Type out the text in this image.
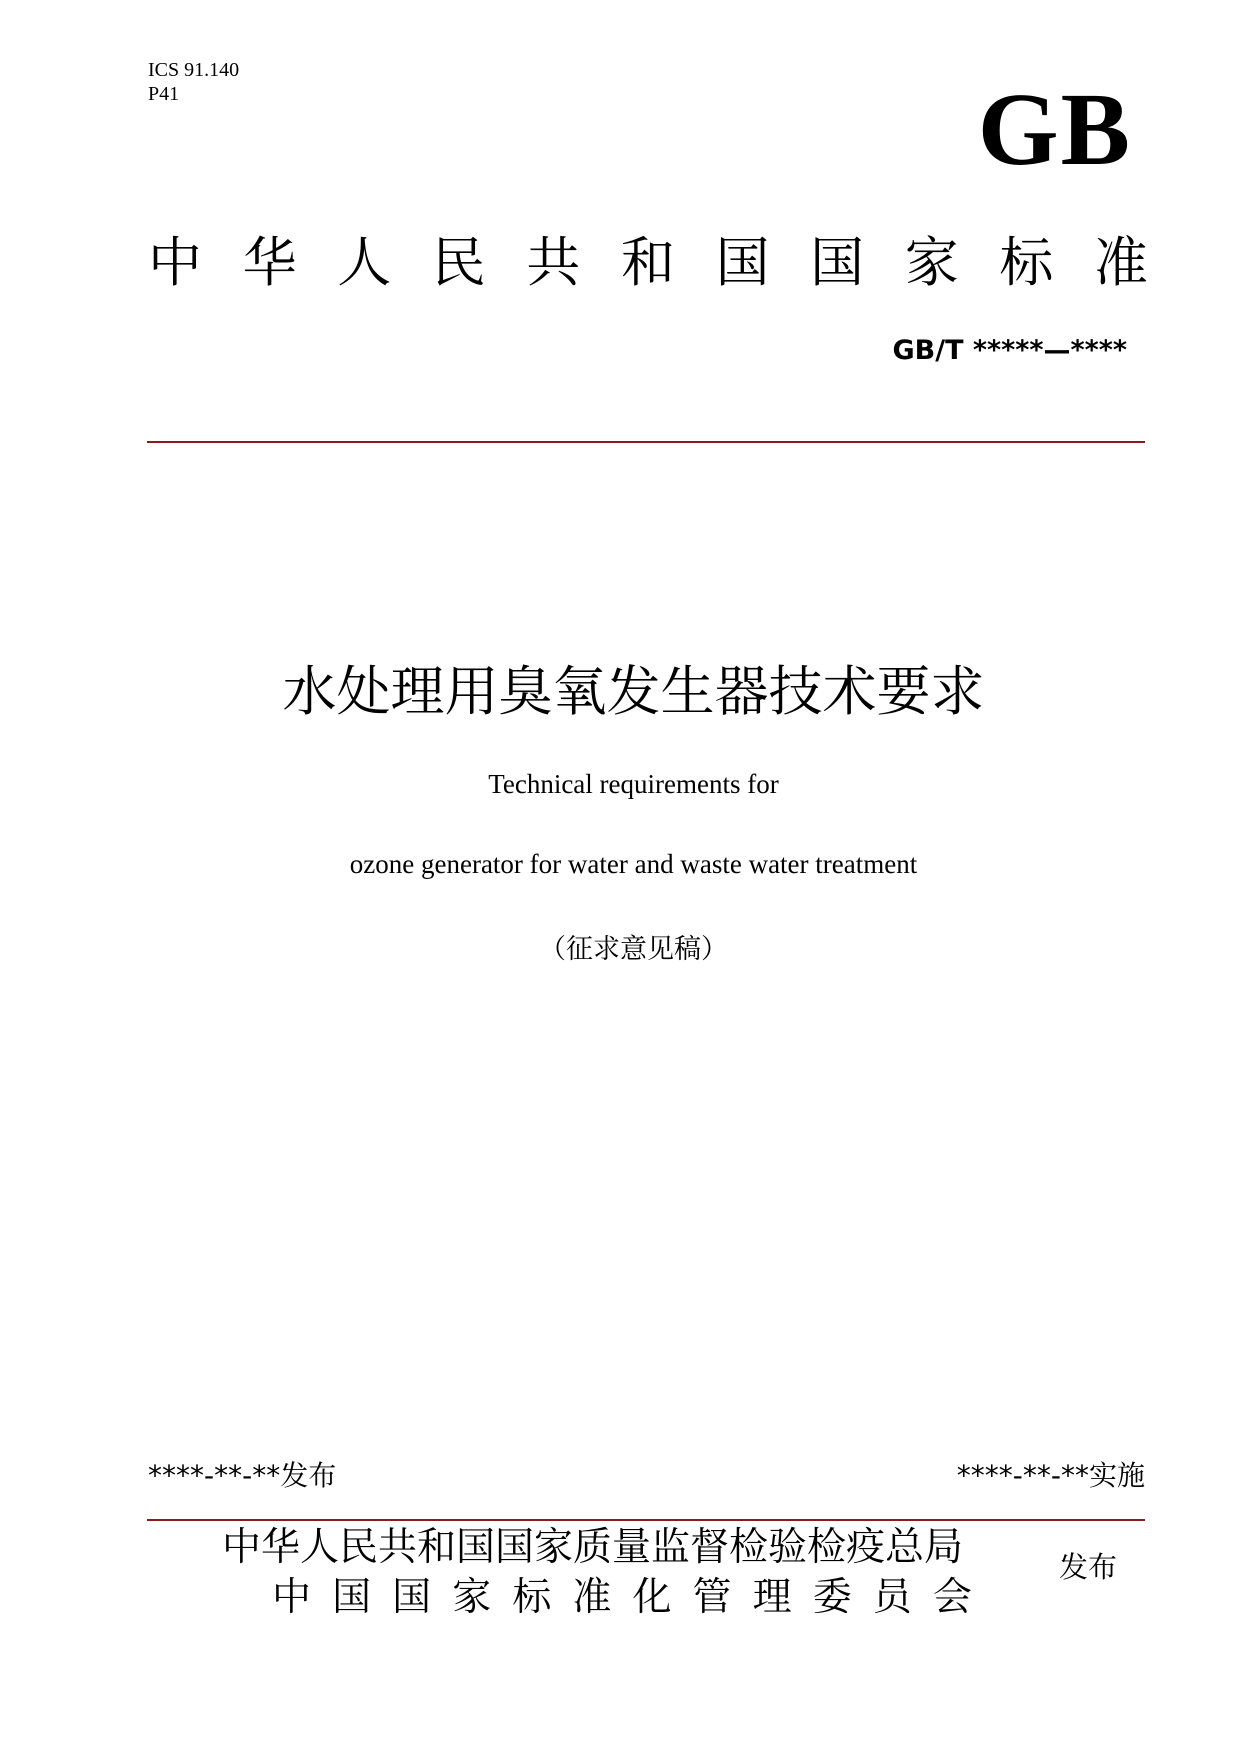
ICS 91.140
P41	GB
中 华 人 民 共 和 国 国 家 标 准
GB/T *****—****
水处理用臭氧发生器技术要求
Technical requirements for
ozone generator for water and waste water treatment
（征求意见稿）
****-**-**发布	****-**-**实施
中华人民共和国国家质量监督检验检疫总局
中 国 国 家 标 准 化 管 理 委 员 会
发布
